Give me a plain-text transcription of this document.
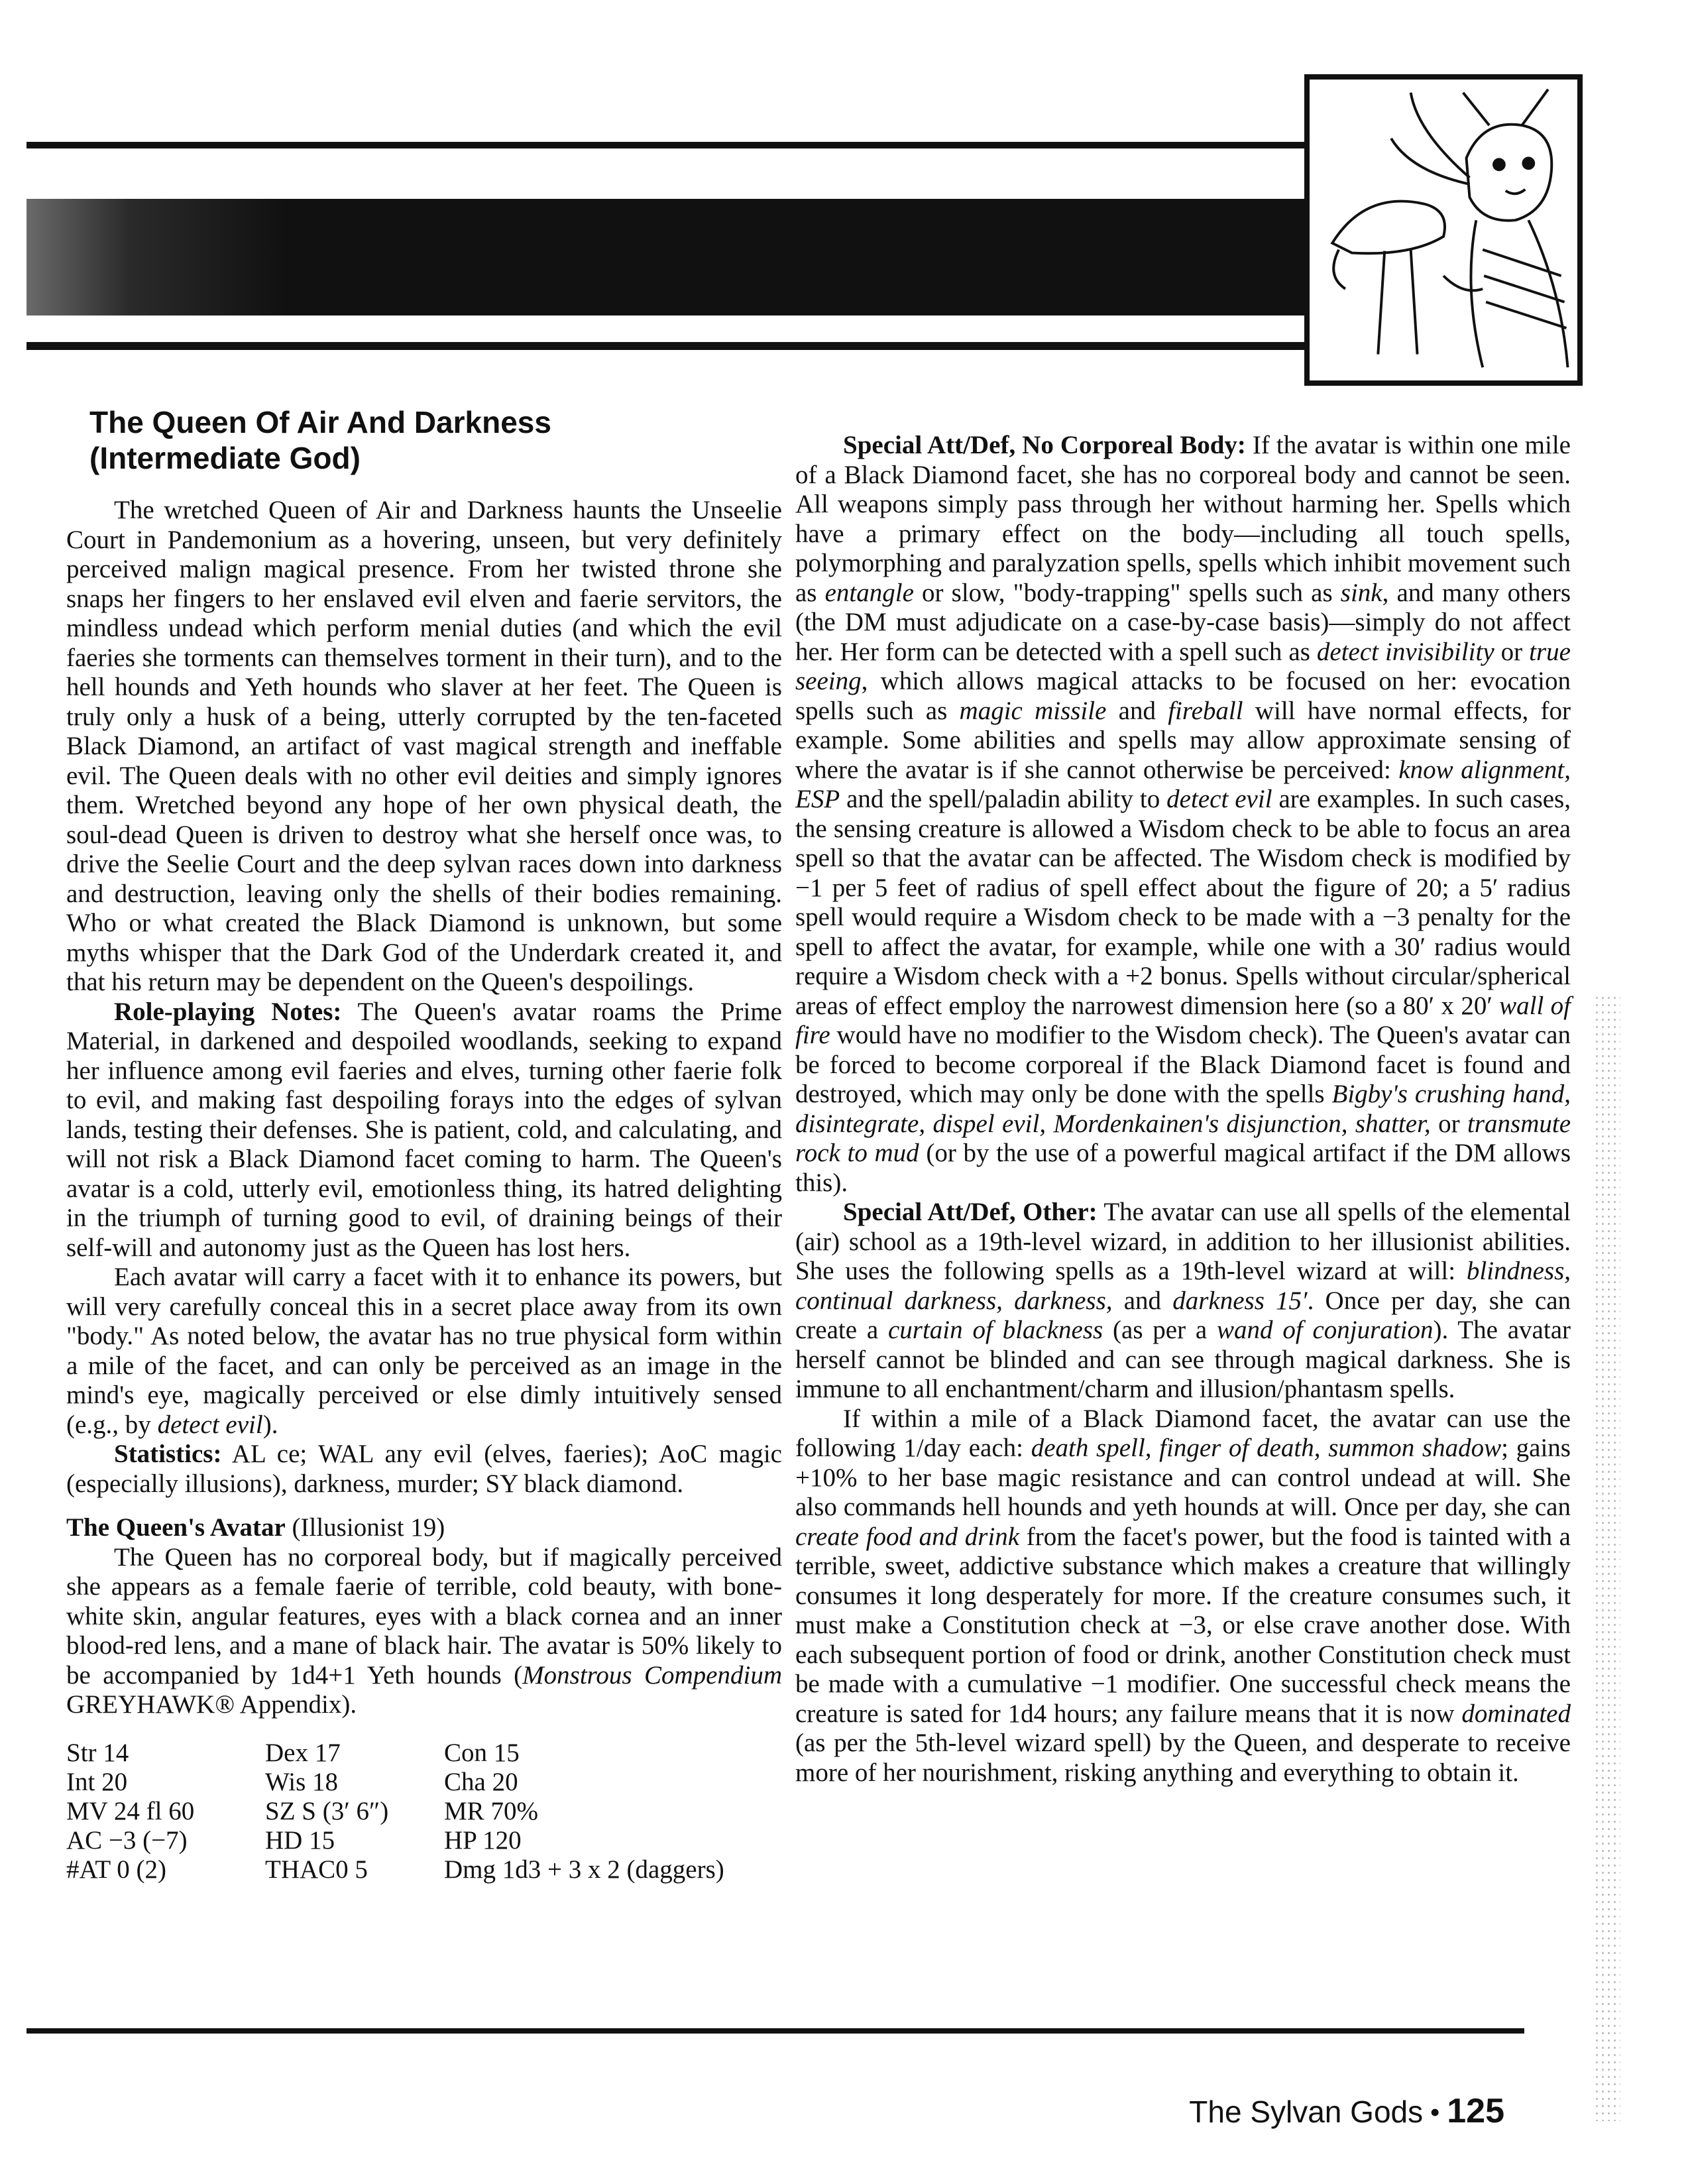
The Queen Of Air And Darkness
(Intermediate God)

The wretched Queen of Air and Darkness haunts the Unseelie Court in Pandemonium as a hovering, unseen, but very definitely perceived malign magical presence. From her twisted throne she snaps her fingers to her enslaved evil elven and faerie servitors, the mindless undead which perform menial duties (and which the evil faeries she torments can themselves torment in their turn), and to the hell hounds and Yeth hounds who slaver at her feet. The Queen is truly only a husk of a being, utterly corrupted by the ten-faceted Black Diamond, an artifact of vast magical strength and ineffable evil. The Queen deals with no other evil deities and simply ignores them. Wretched beyond any hope of her own physical death, the soul-dead Queen is driven to destroy what she herself once was, to drive the Seelie Court and the deep sylvan races down into darkness and destruction, leaving only the shells of their bodies remaining. Who or what created the Black Diamond is unknown, but some myths whisper that the Dark God of the Underdark created it, and that his return may be dependent on the Queen's despoilings.

Role-playing Notes: The Queen's avatar roams the Prime Material, in darkened and despoiled woodlands, seeking to expand her influence among evil faeries and elves, turning other faerie folk to evil, and making fast despoiling forays into the edges of sylvan lands, testing their defenses. She is patient, cold, and calculating, and will not risk a Black Diamond facet coming to harm. The Queen's avatar is a cold, utterly evil, emotionless thing, its hatred delighting in the triumph of turning good to evil, of draining beings of their self-will and autonomy just as the Queen has lost hers.

Each avatar will carry a facet with it to enhance its powers, but will very carefully conceal this in a secret place away from its own "body." As noted below, the avatar has no true physical form within a mile of the facet, and can only be perceived as an image in the mind's eye, magically perceived or else dimly intuitively sensed (e.g., by detect evil).

Statistics: AL ce; WAL any evil (elves, faeries); AoC magic (especially illusions), darkness, murder; SY black diamond.

The Queen's Avatar (Illusionist 19)

The Queen has no corporeal body, but if magically perceived she appears as a female faerie of terrible, cold beauty, with bone-white skin, angular features, eyes with a black cornea and an inner blood-red lens, and a mane of black hair. The avatar is 50% likely to be accompanied by 1d4+1 Yeth hounds (Monstrous Compendium GREYHAWK® Appendix).

Str 14
Int 20
MV 24 fl 60
AC −3 (−7)
#AT 0 (2)
Dex 17
Wis 18
SZ S (3′ 6″)
HD 15
THAC0 5
Con 15
Cha 20
MR 70%
HP 120
Dmg 1d3 + 3 x 2 (daggers)

Special Att/Def, No Corporeal Body: If the avatar is within one mile of a Black Diamond facet, she has no corporeal body and cannot be seen. All weapons simply pass through her without harming her. Spells which have a primary effect on the body—including all touch spells, polymorphing and paralyzation spells, spells which inhibit movement such as entangle or slow, "body-trapping" spells such as sink, and many others (the DM must adjudicate on a case-by-case basis)—simply do not affect her. Her form can be detected with a spell such as detect invisibility or true seeing, which allows magical attacks to be focused on her: evocation spells such as magic missile and fireball will have normal effects, for example. Some abilities and spells may allow approximate sensing of where the avatar is if she cannot otherwise be perceived: know alignment, ESP and the spell/paladin ability to detect evil are examples. In such cases, the sensing creature is allowed a Wisdom check to be able to focus an area spell so that the avatar can be affected. The Wisdom check is modified by −1 per 5 feet of radius of spell effect about the figure of 20; a 5′ radius spell would require a Wisdom check to be made with a −3 penalty for the spell to affect the avatar, for example, while one with a 30′ radius would require a Wisdom check with a +2 bonus. Spells without circular/spherical areas of effect employ the narrowest dimension here (so a 80′ x 20′ wall of fire would have no modifier to the Wisdom check). The Queen's avatar can be forced to become corporeal if the Black Diamond facet is found and destroyed, which may only be done with the spells Bigby's crushing hand, disintegrate, dispel evil, Mordenkainen's disjunction, shatter, or transmute rock to mud (or by the use of a powerful magical artifact if the DM allows this).

Special Att/Def, Other: The avatar can use all spells of the elemental (air) school as a 19th-level wizard, in addition to her illusionist abilities. She uses the following spells as a 19th-level wizard at will: blindness, continual darkness, darkness, and darkness 15′. Once per day, she can create a curtain of blackness (as per a wand of conjuration). The avatar herself cannot be blinded and can see through magical darkness. She is immune to all enchantment/charm and illusion/phantasm spells.

If within a mile of a Black Diamond facet, the avatar can use the following 1/day each: death spell, finger of death, summon shadow; gains +10% to her base magic resistance and can control undead at will. She also commands hell hounds and yeth hounds at will. Once per day, she can create food and drink from the facet's power, but the food is tainted with a terrible, sweet, addictive substance which makes a creature that willingly consumes it long desperately for more. If the creature consumes such, it must make a Constitution check at −3, or else crave another dose. With each subsequent portion of food or drink, another Constitution check must be made with a cumulative −1 modifier. One successful check means the creature is sated for 1d4 hours; any failure means that it is now dominated (as per the 5th-level wizard spell) by the Queen, and desperate to receive more of her nourishment, risking anything and everything to obtain it.

The Sylvan Gods • 125
